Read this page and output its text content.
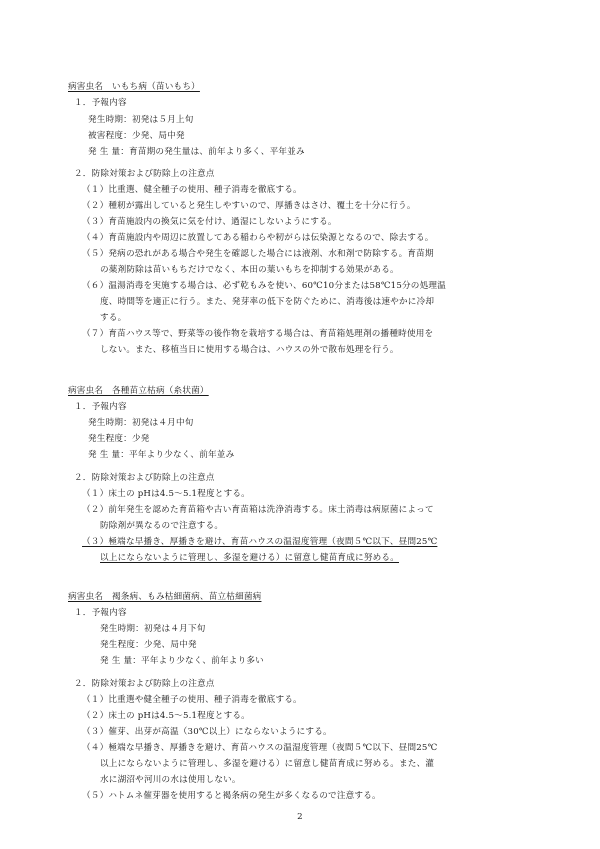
病害虫名　いもち病（苗いもち）
１．予報内容
発生時期：初発は５月上旬
被害程度：少発、局中発
発 生 量：育苗期の発生量は、前年より多く、平年並み
２．防除対策および防除上の注意点
（１）比重選、健全種子の使用、種子消毒を徹底する。
（２）種籾が露出していると発生しやすいので、厚播きはさけ、覆土を十分に行う。
（３）育苗施設内の換気に気を付け、過湿にしないようにする。
（４）育苗施設内や周辺に放置してある稲わらや籾がらは伝染源となるので、除去する。
（５）発病の恐れがある場合や発生を確認した場合には液剤、水和剤で防除する。育苗期
の薬剤防除は苗いもちだけでなく、本田の葉いもちを抑制する効果がある。
（６）温湯消毒を実施する場合は、必ず乾もみを使い、60℃10分または58℃15分の処理温
度、時間等を適正に行う。また、発芽率の低下を防ぐために、消毒後は速やかに冷却
する。
（７）育苗ハウス等で、野菜等の後作物を栽培する場合は、育苗箱処理剤の播種時使用を
しない。また、移植当日に使用する場合は、ハウスの外で散布処理を行う。
病害虫名　各種苗立枯病（糸状菌）
１．予報内容
発生時期：初発は４月中旬
発生程度：少発
発 生 量：平年より少なく、前年並み
２．防除対策および防除上の注意点
（１）床土の pHは4.5〜5.1程度とする。
（２）前年発生を認めた育苗箱や古い育苗箱は洗浄消毒する。床土消毒は病原菌によって
防除剤が異なるので注意する。
（３）極端な早播き、厚播きを避け、育苗ハウスの温湿度管理（夜間５℃以下、昼間25℃
以上にならないように管理し、多湿を避ける）に留意し健苗育成に努める。
病害虫名　褐条病、もみ枯細菌病、苗立枯細菌病
１．予報内容
発生時期：初発は４月下旬
発生程度：少発、局中発
発 生 量：平年より少なく、前年より多い
２．防除対策および防除上の注意点
（１）比重選や健全種子の使用、種子消毒を徹底する。
（２）床土の pHは4.5〜5.1程度とする。
（３）催芽、出芽が高温（30℃以上）にならないようにする。
（４）極端な早播き、厚播きを避け、育苗ハウスの温湿度管理（夜間５℃以下、昼間25℃
以上にならないように管理し、多湿を避ける）に留意し健苗育成に努める。また、灌
水に湖沼や河川の水は使用しない。
（５）ハトムネ催芽器を使用すると褐条病の発生が多くなるので注意する。
2
